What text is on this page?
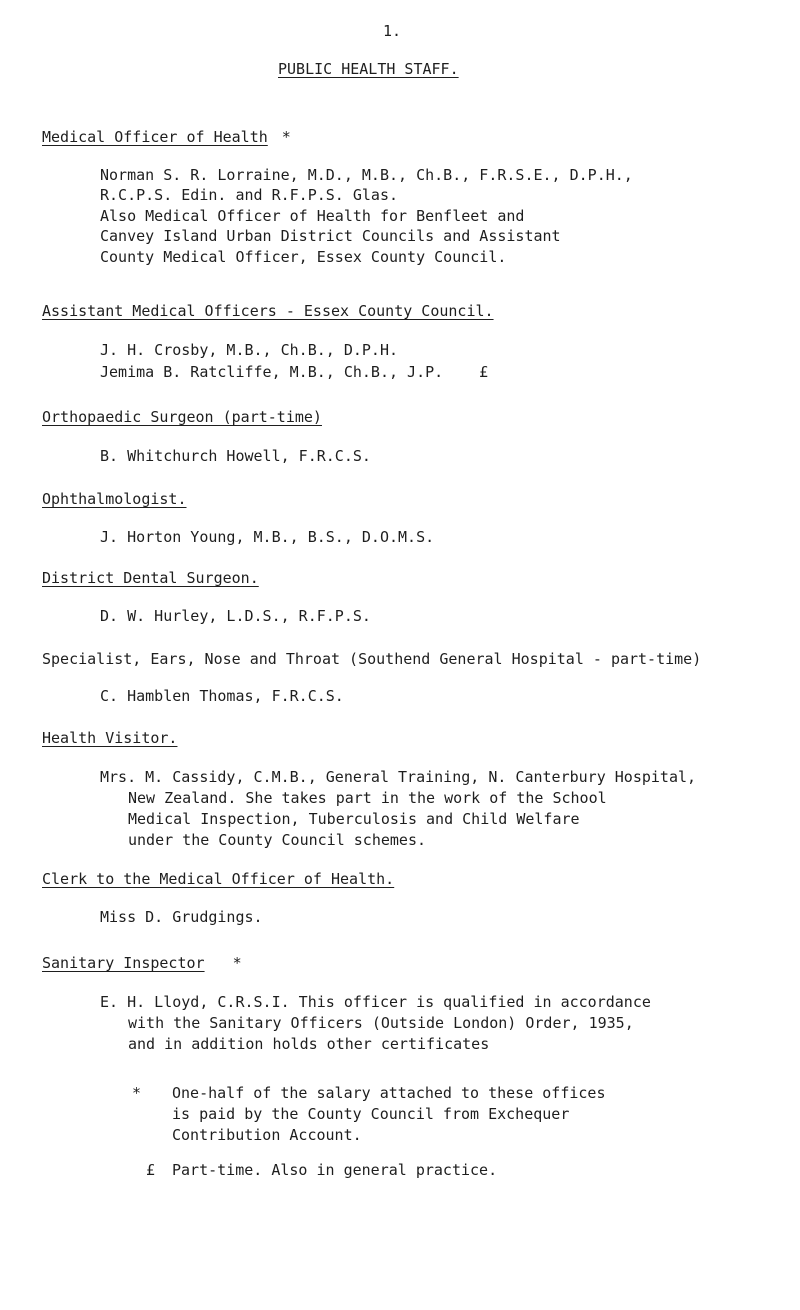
1.
PUBLIC HEALTH STAFF.
Medical Officer of Health *
Norman S. R. Lorraine, M.D., M.B., Ch.B., F.R.S.E., D.P.H.,
R.C.P.S. Edin. and R.F.P.S. Glas.
Also Medical Officer of Health for Benfleet and
Canvey Island Urban District Councils and Assistant
County Medical Officer, Essex County Council.
Assistant Medical Officers - Essex County Council.
J. H. Crosby, M.B., Ch.B., D.P.H.
Jemima B. Ratcliffe, M.B., Ch.B., J.P. £
Orthopaedic Surgeon (part-time)
B. Whitchurch Howell, F.R.C.S.
Ophthalmologist.
J. Horton Young, M.B., B.S., D.O.M.S.
District Dental Surgeon.
D. W. Hurley, L.D.S., R.F.P.S.
Specialist, Ears, Nose and Throat (Southend General Hospital - part-time)
C. Hamblen Thomas, F.R.C.S.
Health Visitor.
Mrs. M. Cassidy, C.M.B., General Training, N. Canterbury Hospital,
New Zealand. She takes part in the work of the School
Medical Inspection, Tuberculosis and Child Welfare
under the County Council schemes.
Clerk to the Medical Officer of Health.
Miss D. Grudgings.
Sanitary Inspector *
E. H. Lloyd, C.R.S.I. This officer is qualified in accordance
with the Sanitary Officers (Outside London) Order, 1935,
and in addition holds other certificates
* One-half of the salary attached to these offices
is paid by the County Council from Exchequer
Contribution Account.
£ Part-time. Also in general practice.
